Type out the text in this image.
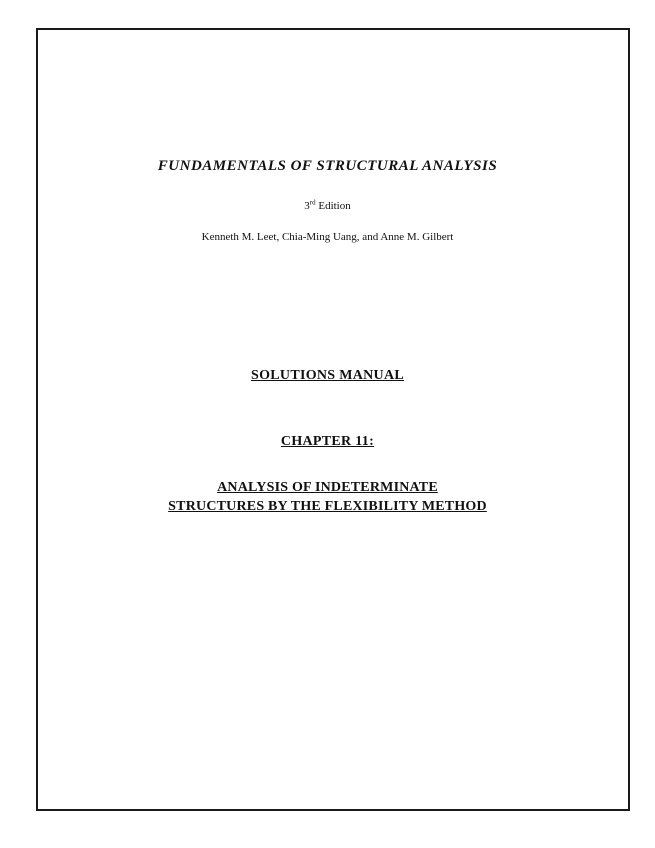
FUNDAMENTALS OF STRUCTURAL ANALYSIS

3rd Edition

Kenneth M. Leet, Chia-Ming Uang, and Anne M. Gilbert

SOLUTIONS MANUAL
CHAPTER 11:
ANALYSIS OF INDETERMINATE
STRUCTURES BY THE FLEXIBILITY METHOD
